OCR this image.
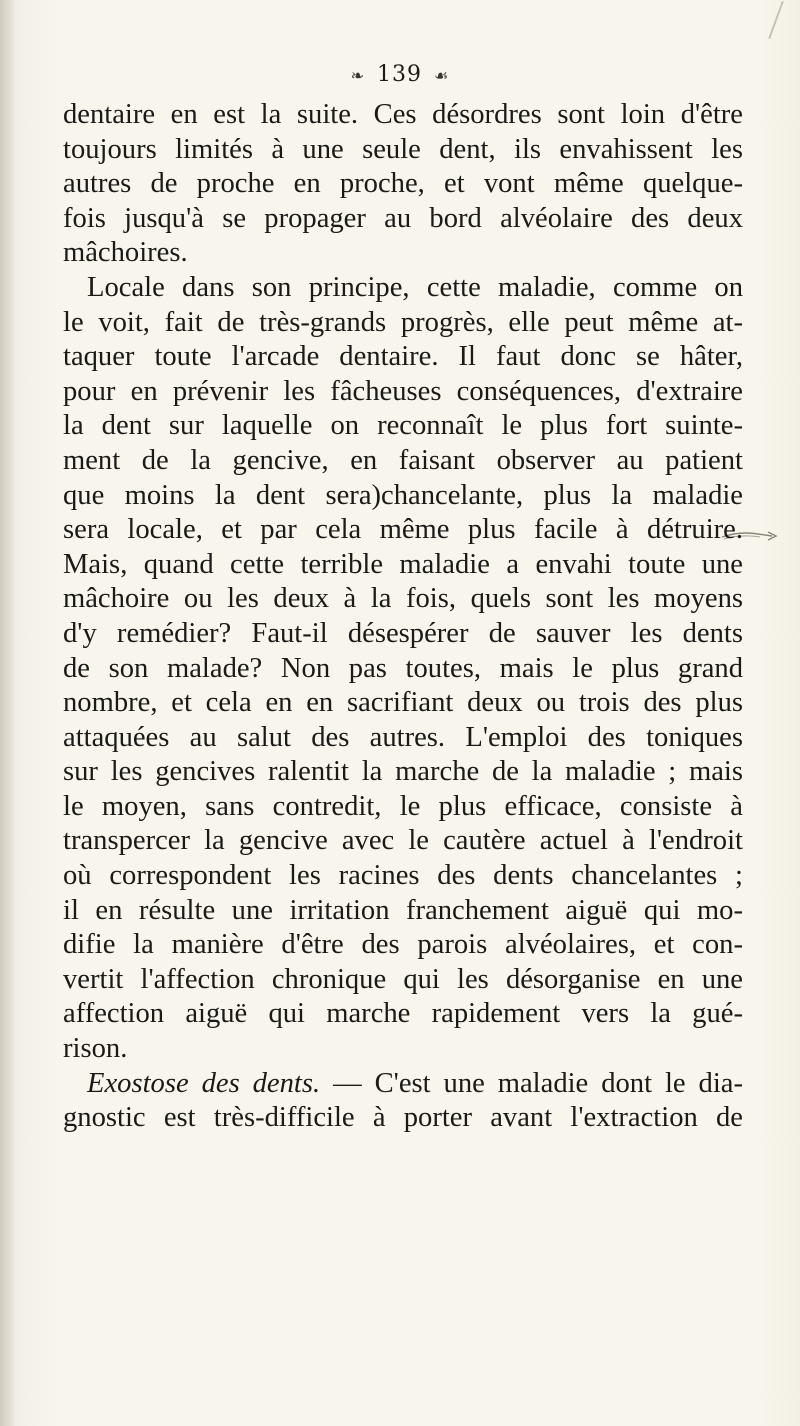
❧ 139 ☙
dentaire en est la suite. Ces désordres sont loin d'être
toujours limités à une seule dent, ils envahissent les
autres de proche en proche, et vont même quelque-
fois jusqu'à se propager au bord alvéolaire des deux
mâchoires.
Locale dans son principe, cette maladie, comme on
le voit, fait de très-grands progrès, elle peut même at-
taquer toute l'arcade dentaire. Il faut donc se hâter,
pour en prévenir les fâcheuses conséquences, d'extraire
la dent sur laquelle on reconnaît le plus fort suinte-
ment de la gencive, en faisant observer au patient
que moins la dent sera)chancelante, plus la maladie
sera locale, et par cela même plus facile à détruire.
Mais, quand cette terrible maladie a envahi toute une
mâchoire ou les deux à la fois, quels sont les moyens
d'y remédier? Faut-il désespérer de sauver les dents
de son malade? Non pas toutes, mais le plus grand
nombre, et cela en en sacrifiant deux ou trois des plus
attaquées au salut des autres. L'emploi des toniques
sur les gencives ralentit la marche de la maladie ; mais
le moyen, sans contredit, le plus efficace, consiste à
transpercer la gencive avec le cautère actuel à l'endroit
où correspondent les racines des dents chancelantes ;
il en résulte une irritation franchement aiguë qui mo-
difie la manière d'être des parois alvéolaires, et con-
vertit l'affection chronique qui les désorganise en une
affection aiguë qui marche rapidement vers la gué-
rison.
Exostose des dents. — C'est une maladie dont le dia-
gnostic est très-difficile à porter avant l'extraction de
